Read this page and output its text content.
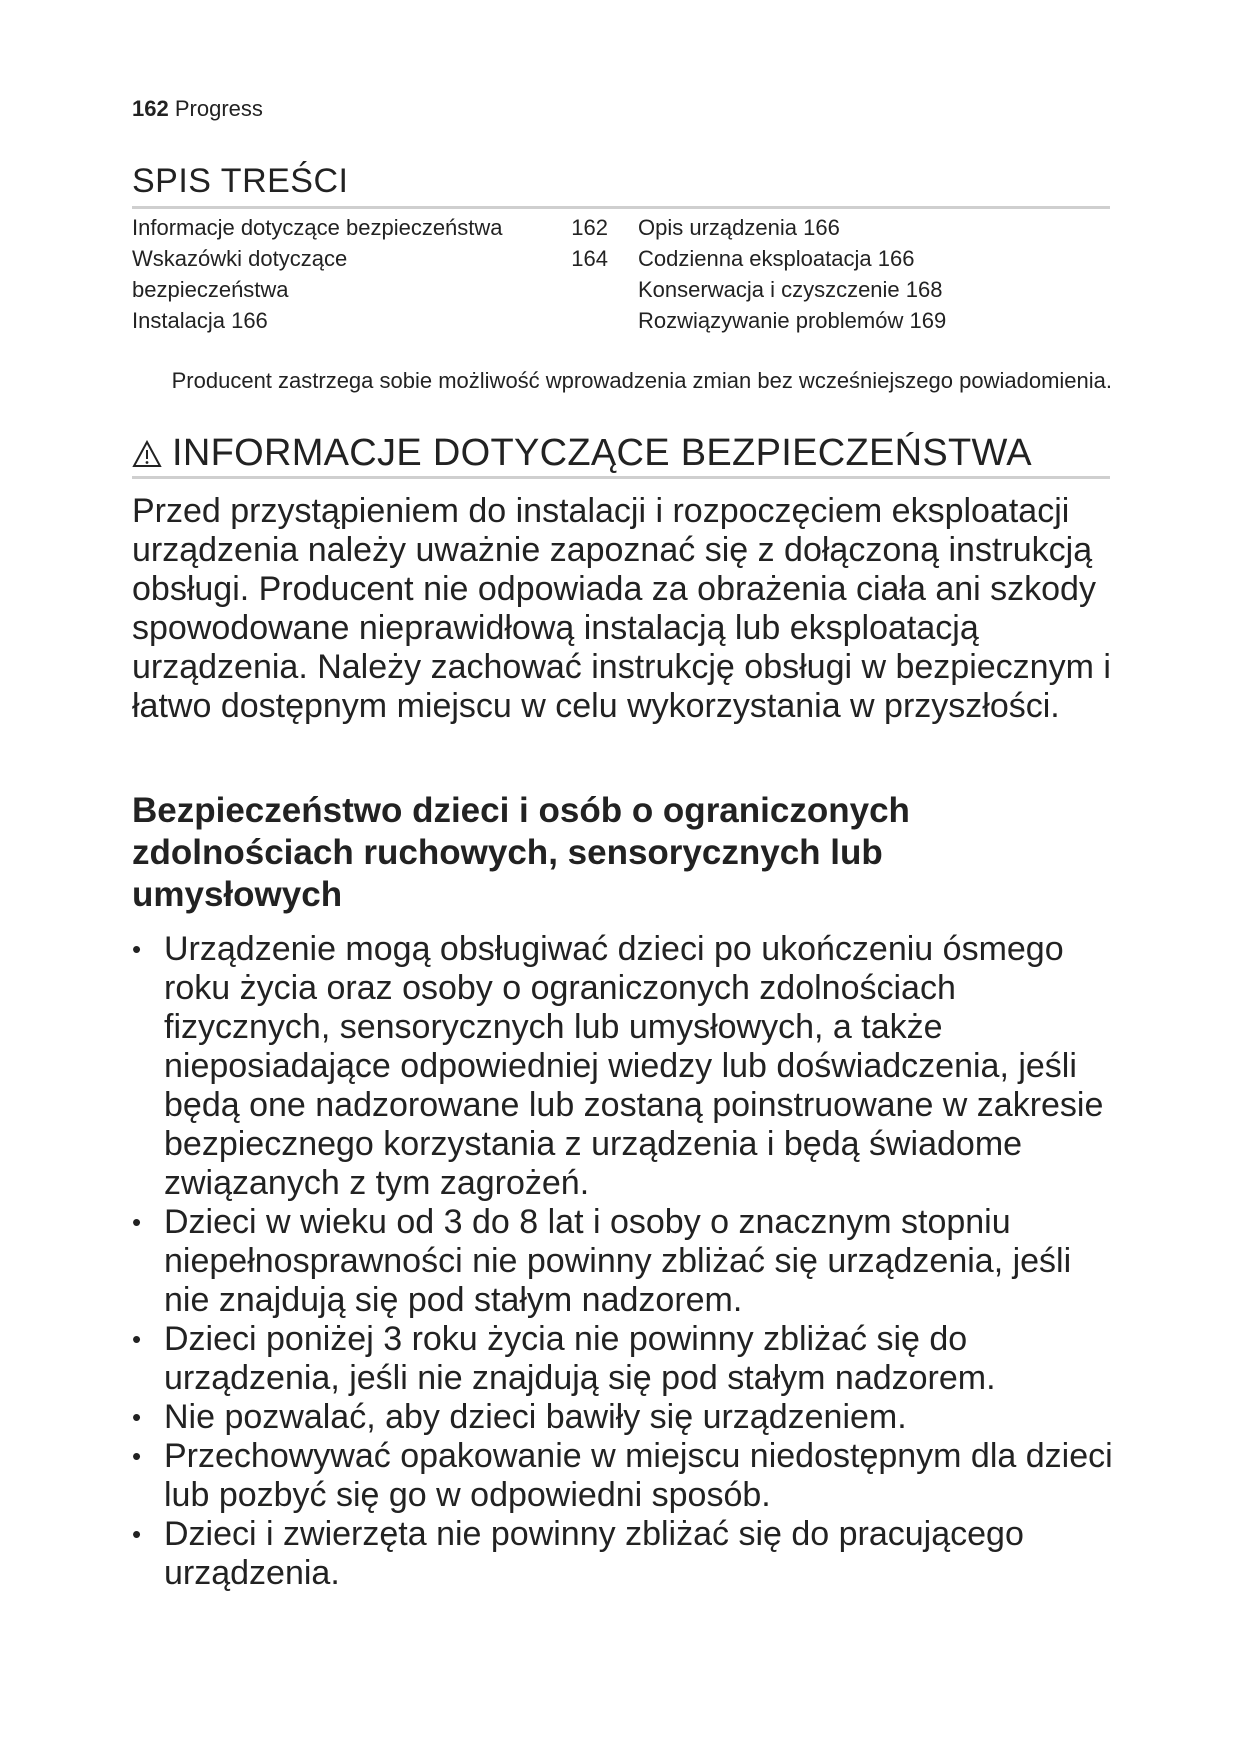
162 Progress
SPIS TREŚCI
Informacje dotyczące bezpieczeństwa	162
Wskazówki dotyczące bezpieczeństwa
164
Instalacja
166
Opis urządzenia 166
Codzienna eksploatacja 166
Konserwacja i czyszczenie 168
Rozwiązywanie problemów 169
Producent zastrzega sobie możliwość wprowadzenia zmian bez wcześniejszego powiadomienia.
INFORMACJE DOTYCZĄCE BEZPIECZEŃSTWA

Przed przystąpieniem do instalacji i rozpoczęciem eksploatacji urządzenia należy uważnie zapoznać się z dołączoną instrukcją obsługi. Producent nie odpowiada za obrażenia ciała ani szkody spowodowane nieprawidłową instalacją lub eksploatacją urządzenia. Należy zachować instrukcję obsługi w bezpiecznym i łatwo dostępnym miejscu w celu wykorzystania w przyszłości.

Bezpieczeństwo dzieci i osób o ograniczonych zdolnościach ruchowych, sensorycznych lub umysłowych
• Urządzenie mogą obsługiwać dzieci po ukończeniu ósmego roku życia oraz osoby o ograniczonych zdolnościach fizycznych, sensorycznych lub umysłowych, a także nieposiadające odpowiedniej wiedzy lub doświadczenia, jeśli będą one nadzorowane lub zostaną poinstruowane w zakresie bezpiecznego korzystania z urządzenia i będą świadome związanych z tym zagrożeń.
• Dzieci w wieku od 3 do 8 lat i osoby o znacznym stopniu niepełnosprawności nie powinny zbliżać się urządzenia, jeśli nie znajdują się pod stałym nadzorem.
• Dzieci poniżej 3 roku życia nie powinny zbliżać się do urządzenia, jeśli nie znajdują się pod stałym nadzorem.
• Nie pozwalać, aby dzieci bawiły się urządzeniem.
• Przechowywać opakowanie w miejscu niedostępnym dla dzieci lub pozbyć się go w odpowiedni sposób.
• Dzieci i zwierzęta nie powinny zbliżać się do pracującego urządzenia.
